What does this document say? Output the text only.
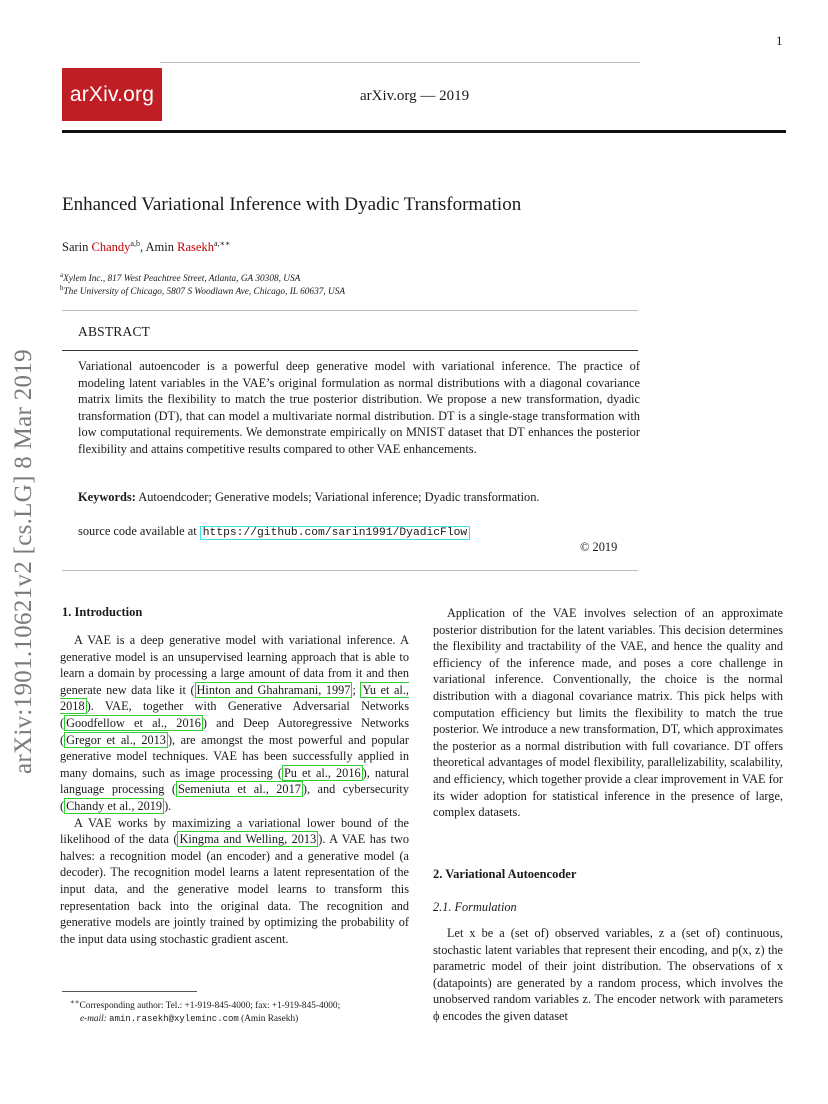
1
arXiv.org	arXiv.org — 2019
arXiv:1901.10621v2 [cs.LG] 8 Mar 2019
Enhanced Variational Inference with Dyadic Transformation
Sarin Chandy$^{a,b}$, Amin Rasekh$^{a,∗∗}$
$^a$Xylem Inc., 817 West Peachtree Street, Atlanta, GA 30308, USA
$^b$The University of Chicago, 5807 S Woodlawn Ave, Chicago, IL 60637, USA
ABSTRACT
Variational autoencoder is a powerful deep generative model with variational inference. The practice of modeling latent variables in the VAE’s original formulation as normal distributions with a diagonal covariance matrix limits the flexibility to match the true posterior distribution. We propose a new transformation, dyadic transformation (DT), that can model a multivariate normal distribution. DT is a single-stage transformation with low computational requirements. We demonstrate empirically on MNIST dataset that DT enhances the posterior flexibility and attains competitive results compared to other VAE enhancements.
Keywords: Autoendcoder; Generative models; Variational inference; Dyadic transformation.
source code available at https://github.com/sarin1991/DyadicFlow
© 2019
1. Introduction

A VAE is a deep generative model with variational inference. A generative model is an unsupervised learning approach that is able to learn a domain by processing a large amount of data from it and then generate new data like it ( Hinton and Ghahramani, 1997 ; Yu et al., 2018 ). VAE, together with Generative Adversarial Networks ( Goodfellow et al., 2016 ) and Deep Autoregressive Networks ( Gregor et al., 2013 ), are amongst the most powerful and popular generative model techniques. VAE has been successfully applied in many domains, such as image processing ( Pu et al., 2016 ), natural language processing ( Semeniuta et al., 2017 ), and cybersecurity ( Chandy et al., 2019 ).

A VAE works by maximizing a variational lower bound of the likelihood of the data ( Kingma and Welling, 2013 ). A VAE has two halves: a recognition model (an encoder) and a generative model (a decoder). The recognition model learns a latent representation of the input data, and the generative model learns to transform this representation back into the original data. The recognition and generative models are jointly trained by optimizing the probability of the input data using stochastic gradient ascent.

∗∗Corresponding author: Tel.: +1-919-845-4000; fax: +1-919-845-4000;
e-mail: amin.rasekh@xyleminc.com (Amin Rasekh)

Application of the VAE involves selection of an approximate posterior distribution for the latent variables. This decision determines the flexibility and tractability of the VAE, and hence the quality and efficiency of the inference made, and poses a core challenge in variational inference. Conventionally, the choice is the normal distribution with a diagonal covariance matrix. This pick helps with computation efficiency but limits the flexibility to match the true posterior. We introduce a new transformation, DT, which approximates the posterior as a normal distribution with full covariance. DT offers theoretical advantages of model flexibility, parallelizability, scalability, and efficiency, which together provide a clear improvement in VAE for its wider adoption for statistical inference in the presence of large, complex datasets.

2. Variational Autoencoder
2.1. Formulation

Let x be a (set of) observed variables, z a (set of) continuous, stochastic latent variables that represent their encoding, and p(x, z) the parametric model of their joint distribution. The observations of x (datapoints) are generated by a random process, which involves the unobserved random variables z. The encoder network with parameters ϕ encodes the given dataset
